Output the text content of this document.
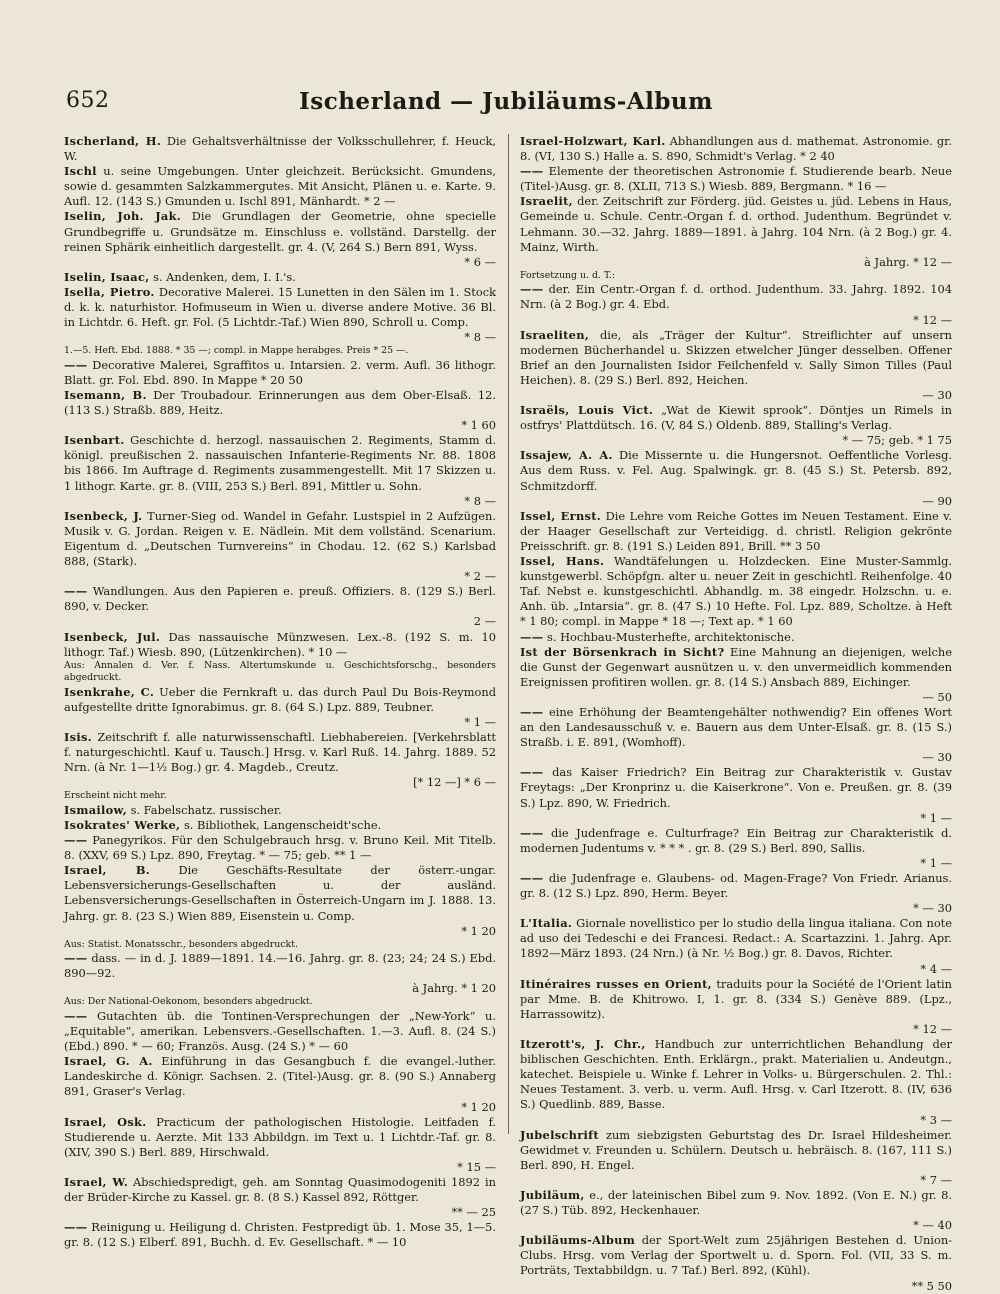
652	Ischerland — Jubiläums-Album

Ischerland, H. Die Gehaltsverhältnisse der Volksschullehrer, f. Heuck, W.

Ischl u. seine Umgebungen. Unter gleichzeit. Berücksicht. Gmundens, sowie d. gesammten Salzkammergutes. Mit Ansicht, Plänen u. e. Karte. 9. Aufl. 12. (143 S.) Gmunden u. Ischl 891, Mänhardt. * 2 —

Iselin, Joh. Jak. Die Grundlagen der Geometrie, ohne specielle Grundbegriffe u. Grundsätze m. Einschluss e. vollständ. Darstellg. der reinen Sphärik einheitlich dargestellt. gr. 4. (V, 264 S.) Bern 891, Wyss.
* 6 —

Iselin, Isaac, s. Andenken, dem, I. I.'s.

Isella, Pietro. Decorative Malerei. 15 Lunetten in den Sälen im 1. Stock d. k. k. naturhistor. Hofmuseum in Wien u. diverse andere Motive. 36 Bl. in Lichtdr. 6. Heft. gr. Fol. (5 Lichtdr.-Taf.) Wien 890, Schroll u. Comp.
* 8 —

1.—5. Heft. Ebd. 1888. * 35 —; compl. in Mappe herabges. Preis * 25 —.

—— Decorative Malerei, Sgraffitos u. Intarsien. 2. verm. Aufl. 36 lithogr. Blatt. gr. Fol. Ebd. 890. In Mappe * 20 50

Isemann, B. Der Troubadour. Erinnerungen aus dem Ober-Elsaß. 12. (113 S.) Straßb. 889, Heitz.
* 1 60

Isenbart. Geschichte d. herzogl. nassauischen 2. Regiments, Stamm d. königl. preußischen 2. nassauischen Infanterie-Regiments Nr. 88. 1808 bis 1866. Im Auftrage d. Regiments zusammengestellt. Mit 17 Skizzen u. 1 lithogr. Karte. gr. 8. (VIII, 253 S.) Berl. 891, Mittler u. Sohn.
* 8 —

Isenbeck, J. Turner-Sieg od. Wandel in Gefahr. Lustspiel in 2 Aufzügen. Musik v. G. Jordan. Reigen v. E. Nädlein. Mit dem vollständ. Scenarium. Eigentum d. „Deutschen Turnvereins“ in Chodau. 12. (62 S.) Karlsbad 888, (Stark).
* 2 —

—— Wandlungen. Aus den Papieren e. preuß. Offiziers. 8. (129 S.) Berl. 890, v. Decker.
2 —

Isenbeck, Jul. Das nassauische Münzwesen. Lex.-8. (192 S. m. 10 lithogr. Taf.) Wiesb. 890, (Lützenkirchen). * 10 —

Aus: Annalen d. Ver. f. Nass. Altertumskunde u. Geschichtsforschg., besonders abgedruckt.

Isenkrahe, C. Ueber die Fernkraft u. das durch Paul Du Bois-Reymond aufgestellte dritte Ignorabimus. gr. 8. (64 S.) Lpz. 889, Teubner.
* 1 —

Isis. Zeitschrift f. alle naturwissenschaftl. Liebhabereien. [Verkehrsblatt f. naturgeschichtl. Kauf u. Tausch.] Hrsg. v. Karl Ruß. 14. Jahrg. 1889. 52 Nrn. (à Nr. 1—1½ Bog.) gr. 4. Magdeb., Creutz.
[* 12 —] * 6 —

Erscheint nicht mehr.

Ismailow, s. Fabelschatz. russischer.

Isokrates' Werke, s. Bibliothek, Langenscheidt'sche.

—— Panegyrikos. Für den Schulgebrauch hrsg. v. Bruno Keil. Mit Titelb. 8. (XXV, 69 S.) Lpz. 890, Freytag. * — 75; geb. ** 1 —

Israel, B. Die Geschäfts-Resultate der österr.-ungar. Lebensversicherungs-Gesellschaften u. der ausländ. Lebensversicherungs-Gesellschaften in Österreich-Ungarn im J. 1888. 13. Jahrg. gr. 8. (23 S.) Wien 889, Eisenstein u. Comp.
* 1 20

Aus: Statist. Monatsschr., besonders abgedruckt.

—— dass. — in d. J. 1889—1891. 14.—16. Jahrg. gr. 8. (23; 24; 24 S.) Ebd. 890—92.
à Jahrg. * 1 20

Aus: Der National-Oekonom, besonders abgedruckt.

—— Gutachten üb. die Tontinen-Versprechungen der „New-York“ u. „Equitable“, amerikan. Lebensvers.-Gesellschaften. 1.—3. Aufl. 8. (24 S.) (Ebd.) 890. * — 60; Französ. Ausg. (24 S.) * — 60

Israel, G. A. Einführung in das Gesangbuch f. die evangel.-luther. Landeskirche d. Königr. Sachsen. 2. (Titel-)Ausg. gr. 8. (90 S.) Annaberg 891, Graser's Verlag.
* 1 20

Israel, Osk. Practicum der pathologischen Histologie. Leitfaden f. Studierende u. Aerzte. Mit 133 Abbildgn. im Text u. 1 Lichtdr.-Taf. gr. 8. (XIV, 390 S.) Berl. 889, Hirschwald.
* 15 —

Israel, W. Abschiedspredigt, geh. am Sonntag Quasimodogeniti 1892 in der Brüder-Kirche zu Kassel. gr. 8. (8 S.) Kassel 892, Röttger.
** — 25

—— Reinigung u. Heiligung d. Christen. Festpredigt üb. 1. Mose 35, 1—5. gr. 8. (12 S.) Elberf. 891, Buchh. d. Ev. Gesellschaft. * — 10

Israel-Holzwart, Karl. Abhandlungen aus d. mathemat. Astronomie. gr. 8. (VI, 130 S.) Halle a. S. 890, Schmidt's Verlag. * 2 40

—— Elemente der theoretischen Astronomie f. Studierende bearb. Neue (Titel-)Ausg. gr. 8. (XLII, 713 S.) Wiesb. 889, Bergmann. * 16 —

Israelit, der. Zeitschrift zur Förderg. jüd. Geistes u. jüd. Lebens in Haus, Gemeinde u. Schule. Centr.-Organ f. d. orthod. Judenthum. Begründet v. Lehmann. 30.—32. Jahrg. 1889—1891. à Jahrg. 104 Nrn. (à 2 Bog.) gr. 4. Mainz, Wirth.
à Jahrg. * 12 —

Fortsetzung u. d. T.:

—— der. Ein Centr.-Organ f. d. orthod. Judenthum. 33. Jahrg. 1892. 104 Nrn. (à 2 Bog.) gr. 4. Ebd.
* 12 —

Israeliten, die, als „Träger der Kultur“. Streiflichter auf unsern modernen Bücherhandel u. Skizzen etwelcher Jünger desselben. Offener Brief an den Journalisten Isidor Feilchenfeld v. Sally Simon Tilles (Paul Heichen). 8. (29 S.) Berl. 892, Heichen.
— 30

Israëls, Louis Vict. „Wat de Kiewit sprook“. Döntjes un Rimels in ostfrys' Plattdütsch. 16. (V, 84 S.) Oldenb. 889, Stalling's Verlag.
* — 75; geb. * 1 75

Issajew, A. A. Die Missernte u. die Hungersnot. Oeffentliche Vorlesg. Aus dem Russ. v. Fel. Aug. Spalwingk. gr. 8. (45 S.) St. Petersb. 892, Schmitzdorff.
— 90

Issel, Ernst. Die Lehre vom Reiche Gottes im Neuen Testament. Eine v. der Haager Gesellschaft zur Verteidigg. d. christl. Religion gekrönte Preisschrift. gr. 8. (191 S.) Leiden 891, Brill. ** 3 50

Issel, Hans. Wandtäfelungen u. Holzdecken. Eine Muster-Sammlg. kunstgewerbl. Schöpfgn. alter u. neuer Zeit in geschichtl. Reihenfolge. 40 Taf. Nebst e. kunstgeschichtl. Abhandlg. m. 38 eingedr. Holzschn. u. e. Anh. üb. „Intarsia“. gr. 8. (47 S.) 10 Hefte. Fol. Lpz. 889, Scholtze. à Heft * 1 80; compl. in Mappe * 18 —; Text ap. * 1 60

—— s. Hochbau-Musterhefte, architektonische.

Ist der Börsenkrach in Sicht? Eine Mahnung an diejenigen, welche die Gunst der Gegenwart ausnützen u. v. den unvermeidlich kommenden Ereignissen profitiren wollen. gr. 8. (14 S.) Ansbach 889, Eichinger.
— 50

—— eine Erhöhung der Beamtengehälter nothwendig? Ein offenes Wort an den Landesausschuß v. e. Bauern aus dem Unter-Elsaß. gr. 8. (15 S.) Straßb. i. E. 891, (Womhoff).
— 30

—— das Kaiser Friedrich? Ein Beitrag zur Charakteristik v. Gustav Freytags: „Der Kronprinz u. die Kaiserkrone“. Von e. Preußen. gr. 8. (39 S.) Lpz. 890, W. Friedrich.
* 1 —

—— die Judenfrage e. Culturfrage? Ein Beitrag zur Charakteristik d. modernen Judentums v. * * * . gr. 8. (29 S.) Berl. 890, Sallis.
* 1 —

—— die Judenfrage e. Glaubens- od. Magen-Frage? Von Friedr. Arianus. gr. 8. (12 S.) Lpz. 890, Herm. Beyer.
* — 30

L'Italia. Giornale novellistico per lo studio della lingua italiana. Con note ad uso dei Tedeschi e dei Francesi. Redact.: A. Scartazzini. 1. Jahrg. Apr. 1892—März 1893. (24 Nrn.) (à Nr. ½ Bog.) gr. 8. Davos, Richter.
* 4 —

Itinéraires russes en Orient, traduits pour la Société de l'Orient latin par Mme. B. de Khitrowo. I, 1. gr. 8. (334 S.) Genève 889. (Lpz., Harrassowitz).
* 12 —

Itzerott's, J. Chr., Handbuch zur unterrichtlichen Behandlung der biblischen Geschichten. Enth. Erklärgn., prakt. Materialien u. Andeutgn., katechet. Beispiele u. Winke f. Lehrer in Volks- u. Bürgerschulen. 2. Thl.: Neues Testament. 3. verb. u. verm. Aufl. Hrsg. v. Carl Itzerott. 8. (IV, 636 S.) Quedlinb. 889, Basse.
* 3 —

Jubelschrift zum siebzigsten Geburtstag des Dr. Israel Hildesheimer. Gewidmet v. Freunden u. Schülern. Deutsch u. hebräisch. 8. (167, 111 S.) Berl. 890, H. Engel.
* 7 —

Jubiläum, e., der lateinischen Bibel zum 9. Nov. 1892. (Von E. N.) gr. 8. (27 S.) Tüb. 892, Heckenhauer.
* — 40

Jubiläums-Album der Sport-Welt zum 25jährigen Bestehen d. Union-Clubs. Hrsg. vom Verlag der Sportwelt u. d. Sporn. Fol. (VII, 33 S. m. Porträts, Textabbildgn. u. 7 Taf.) Berl. 892, (Kühl).
** 5 50
